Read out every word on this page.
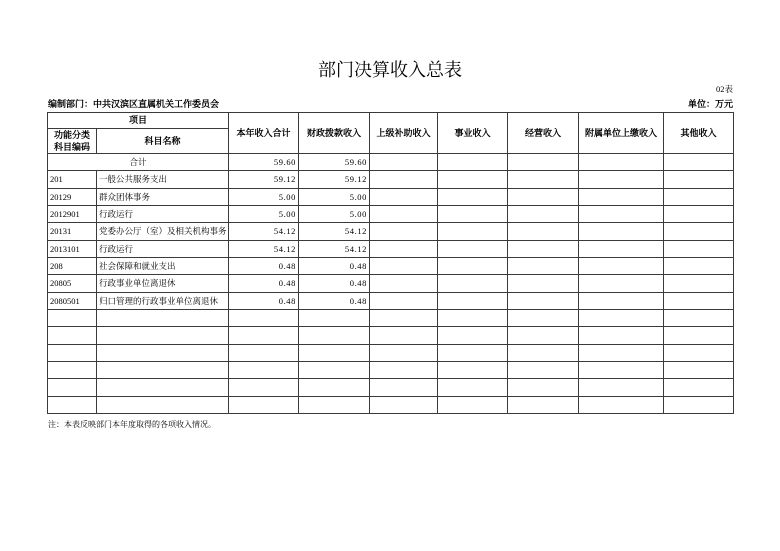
部门决算收入总表
02表
编制部门：中共汉滨区直属机关工作委员会	单位：万元
项目		本年收入合计	财政拨款收入	上级补助收入	事业收入	经营收入	附属单位上缴收入	其他收入

功能分类
科目编码	科目名称							
合计		59.60	59.60					
201	一般公共服务支出	59.12	59.12					
20129	群众团体事务	5.00	5.00					
2012901	行政运行	5.00	5.00					
20131	党委办公厅（室）及相关机构事务	54.12	54.12					
2013101	行政运行	54.12	54.12					
208	社会保障和就业支出	0.48	0.48					
20805	行政事业单位离退休	0.48	0.48					
2080501	归口管理的行政事业单位离退休	0.48	0.48					

注：本表反映部门本年度取得的各项收入情况。
